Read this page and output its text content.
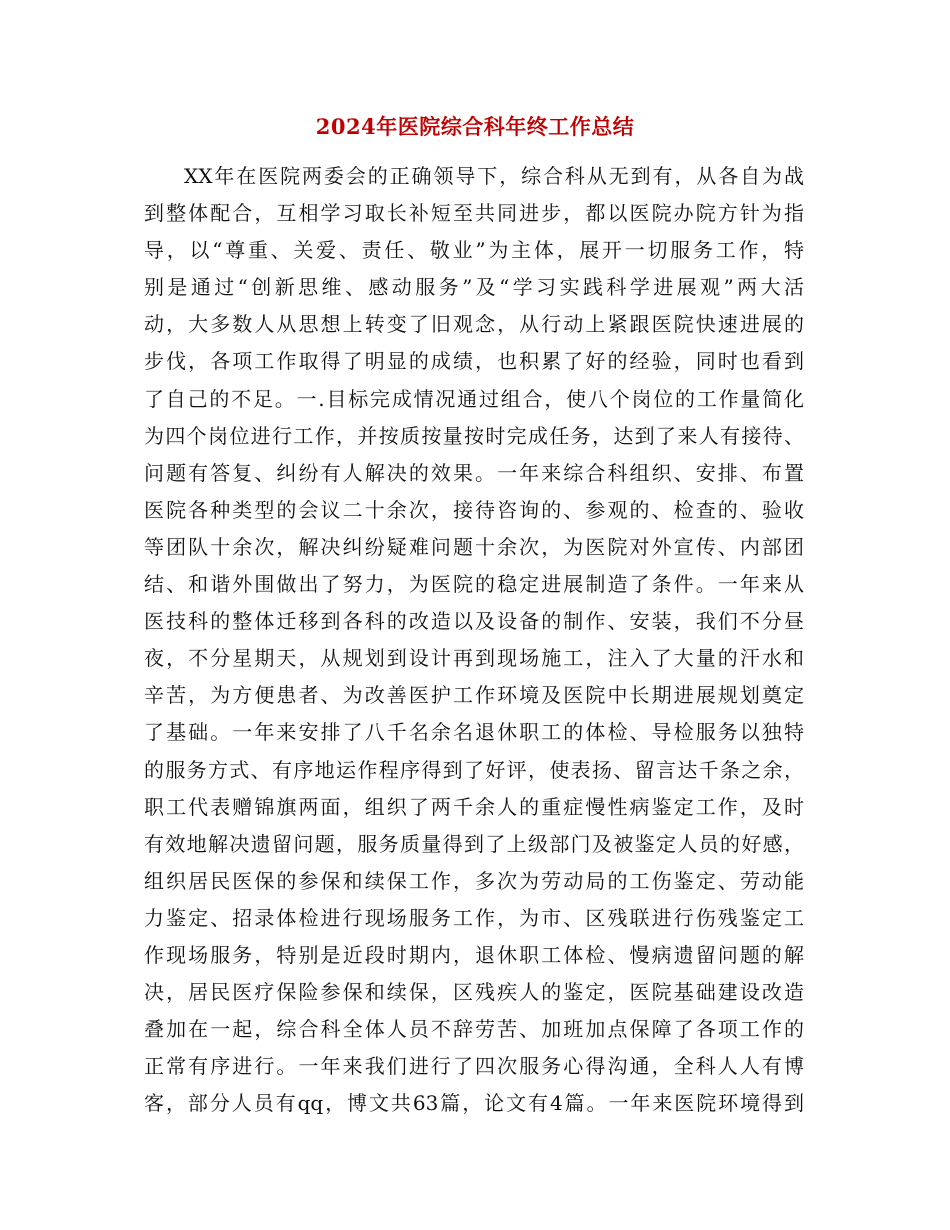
2024年医院综合科年终工作总结
XX年在医院两委会的正确领导下，综合科从无到有，从各自为战
到整体配合，互相学习取长补短至共同进步，都以医院办院方针为指
导，以“尊重、关爱、责任、敬业”为主体，展开一切服务工作，特
别是通过“创新思维、感动服务”及“学习实践科学进展观”两大活
动，大多数人从思想上转变了旧观念，从行动上紧跟医院快速进展的
步伐，各项工作取得了明显的成绩，也积累了好的经验，同时也看到
了自己的不足。一.目标完成情况通过组合，使八个岗位的工作量简化
为四个岗位进行工作，并按质按量按时完成任务，达到了来人有接待、
问题有答复、纠纷有人解决的效果。一年来综合科组织、安排、布置
医院各种类型的会议二十余次，接待咨询的、参观的、检查的、验收
等团队十余次，解决纠纷疑难问题十余次，为医院对外宣传、内部团
结、和谐外围做出了努力，为医院的稳定进展制造了条件。一年来从
医技科的整体迁移到各科的改造以及设备的制作、安装，我们不分昼
夜，不分星期天，从规划到设计再到现场施工，注入了大量的汗水和
辛苦，为方便患者、为改善医护工作环境及医院中长期进展规划奠定
了基础。一年来安排了八千名余名退休职工的体检、导检服务以独特
的服务方式、有序地运作程序得到了好评，使表扬、留言达千条之余，
职工代表赠锦旗两面，组织了两千余人的重症慢性病鉴定工作，及时
有效地解决遗留问题，服务质量得到了上级部门及被鉴定人员的好感，
组织居民医保的参保和续保工作，多次为劳动局的工伤鉴定、劳动能
力鉴定、招录体检进行现场服务工作，为市、区残联进行伤残鉴定工
作现场服务，特别是近段时期内，退休职工体检、慢病遗留问题的解
决，居民医疗保险参保和续保，区残疾人的鉴定，医院基础建设改造
叠加在一起，综合科全体人员不辞劳苦、加班加点保障了各项工作的
正常有序进行。一年来我们进行了四次服务心得沟通，全科人人有博
客，部分人员有qq，博文共63篇，论文有4篇。一年来医院环境得到
